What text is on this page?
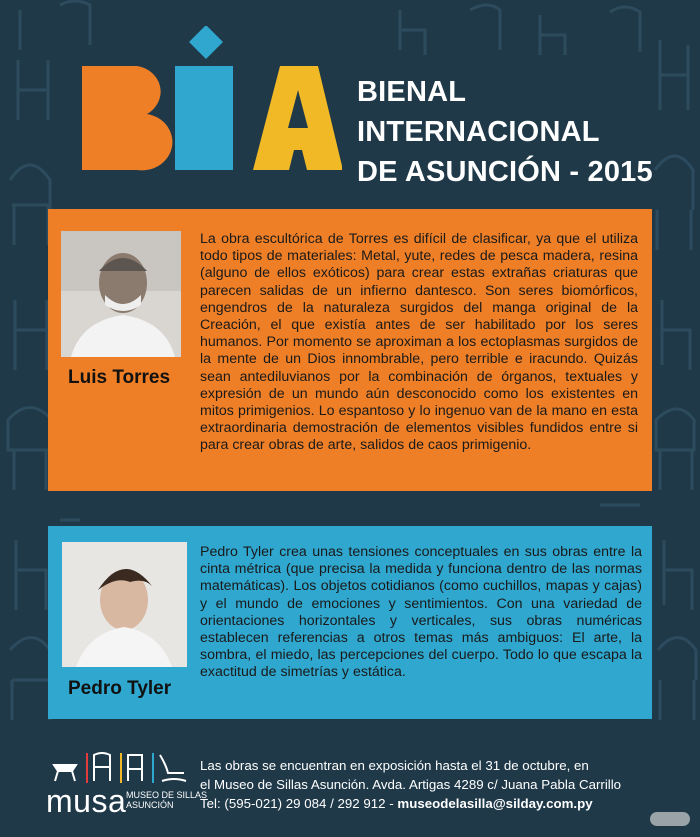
BIENAL
INTERNACIONAL
DE ASUNCIÓN - 2015
Luis Torres

La obra escultórica de Torres es difícil de clasificar, ya que el utiliza todo tipos de materiales: Metal, yute, redes de pesca madera, resina (alguno de ellos exóticos) para crear estas extrañas criaturas que parecen salidas de un infierno dantesco. Son seres biomórficos, engendros de la naturaleza surgidos del manga original de la Creación, el que existía antes de ser habilitado por los seres humanos. Por momento se aproximan a los ectoplasmas surgidos de la mente de un Dios innombrable, pero terrible e iracundo. Quizás sean antediluvianos por la combinación de órganos, textuales y expresión de un mundo aún desconocido como los existentes en mitos primigenios. Lo espantoso y lo ingenuo van de la mano en esta extraordinaria demostración de elementos visibles fundidos entre si para crear obras de arte, salidos de caos primigenio.

Pedro Tyler

Pedro Tyler crea unas tensiones conceptuales en sus obras entre la cinta métrica (que precisa la medida y funciona dentro de las normas matemáticas). Los objetos cotidianos (como cuchillos, mapas y cajas) y el mundo de emociones y sentimientos. Con una variedad de orientaciones horizontales y verticales, sus obras numéricas establecen referencias a otros temas más ambiguos: El arte, la sombra, el miedo, las percepciones del cuerpo. Todo lo que escapa la exactitud de simetrías y estática.

musa MUSEO DE SILLAS
ASUNCIÓN
Las obras se encuentran en exposición hasta el 31 de octubre, en
el Museo de Sillas Asunción. Avda. Artigas 4289 c/ Juana Pabla Carrillo
Tel: (595-021) 29 084 / 292 912 - museodelasilla@silday.com.py
